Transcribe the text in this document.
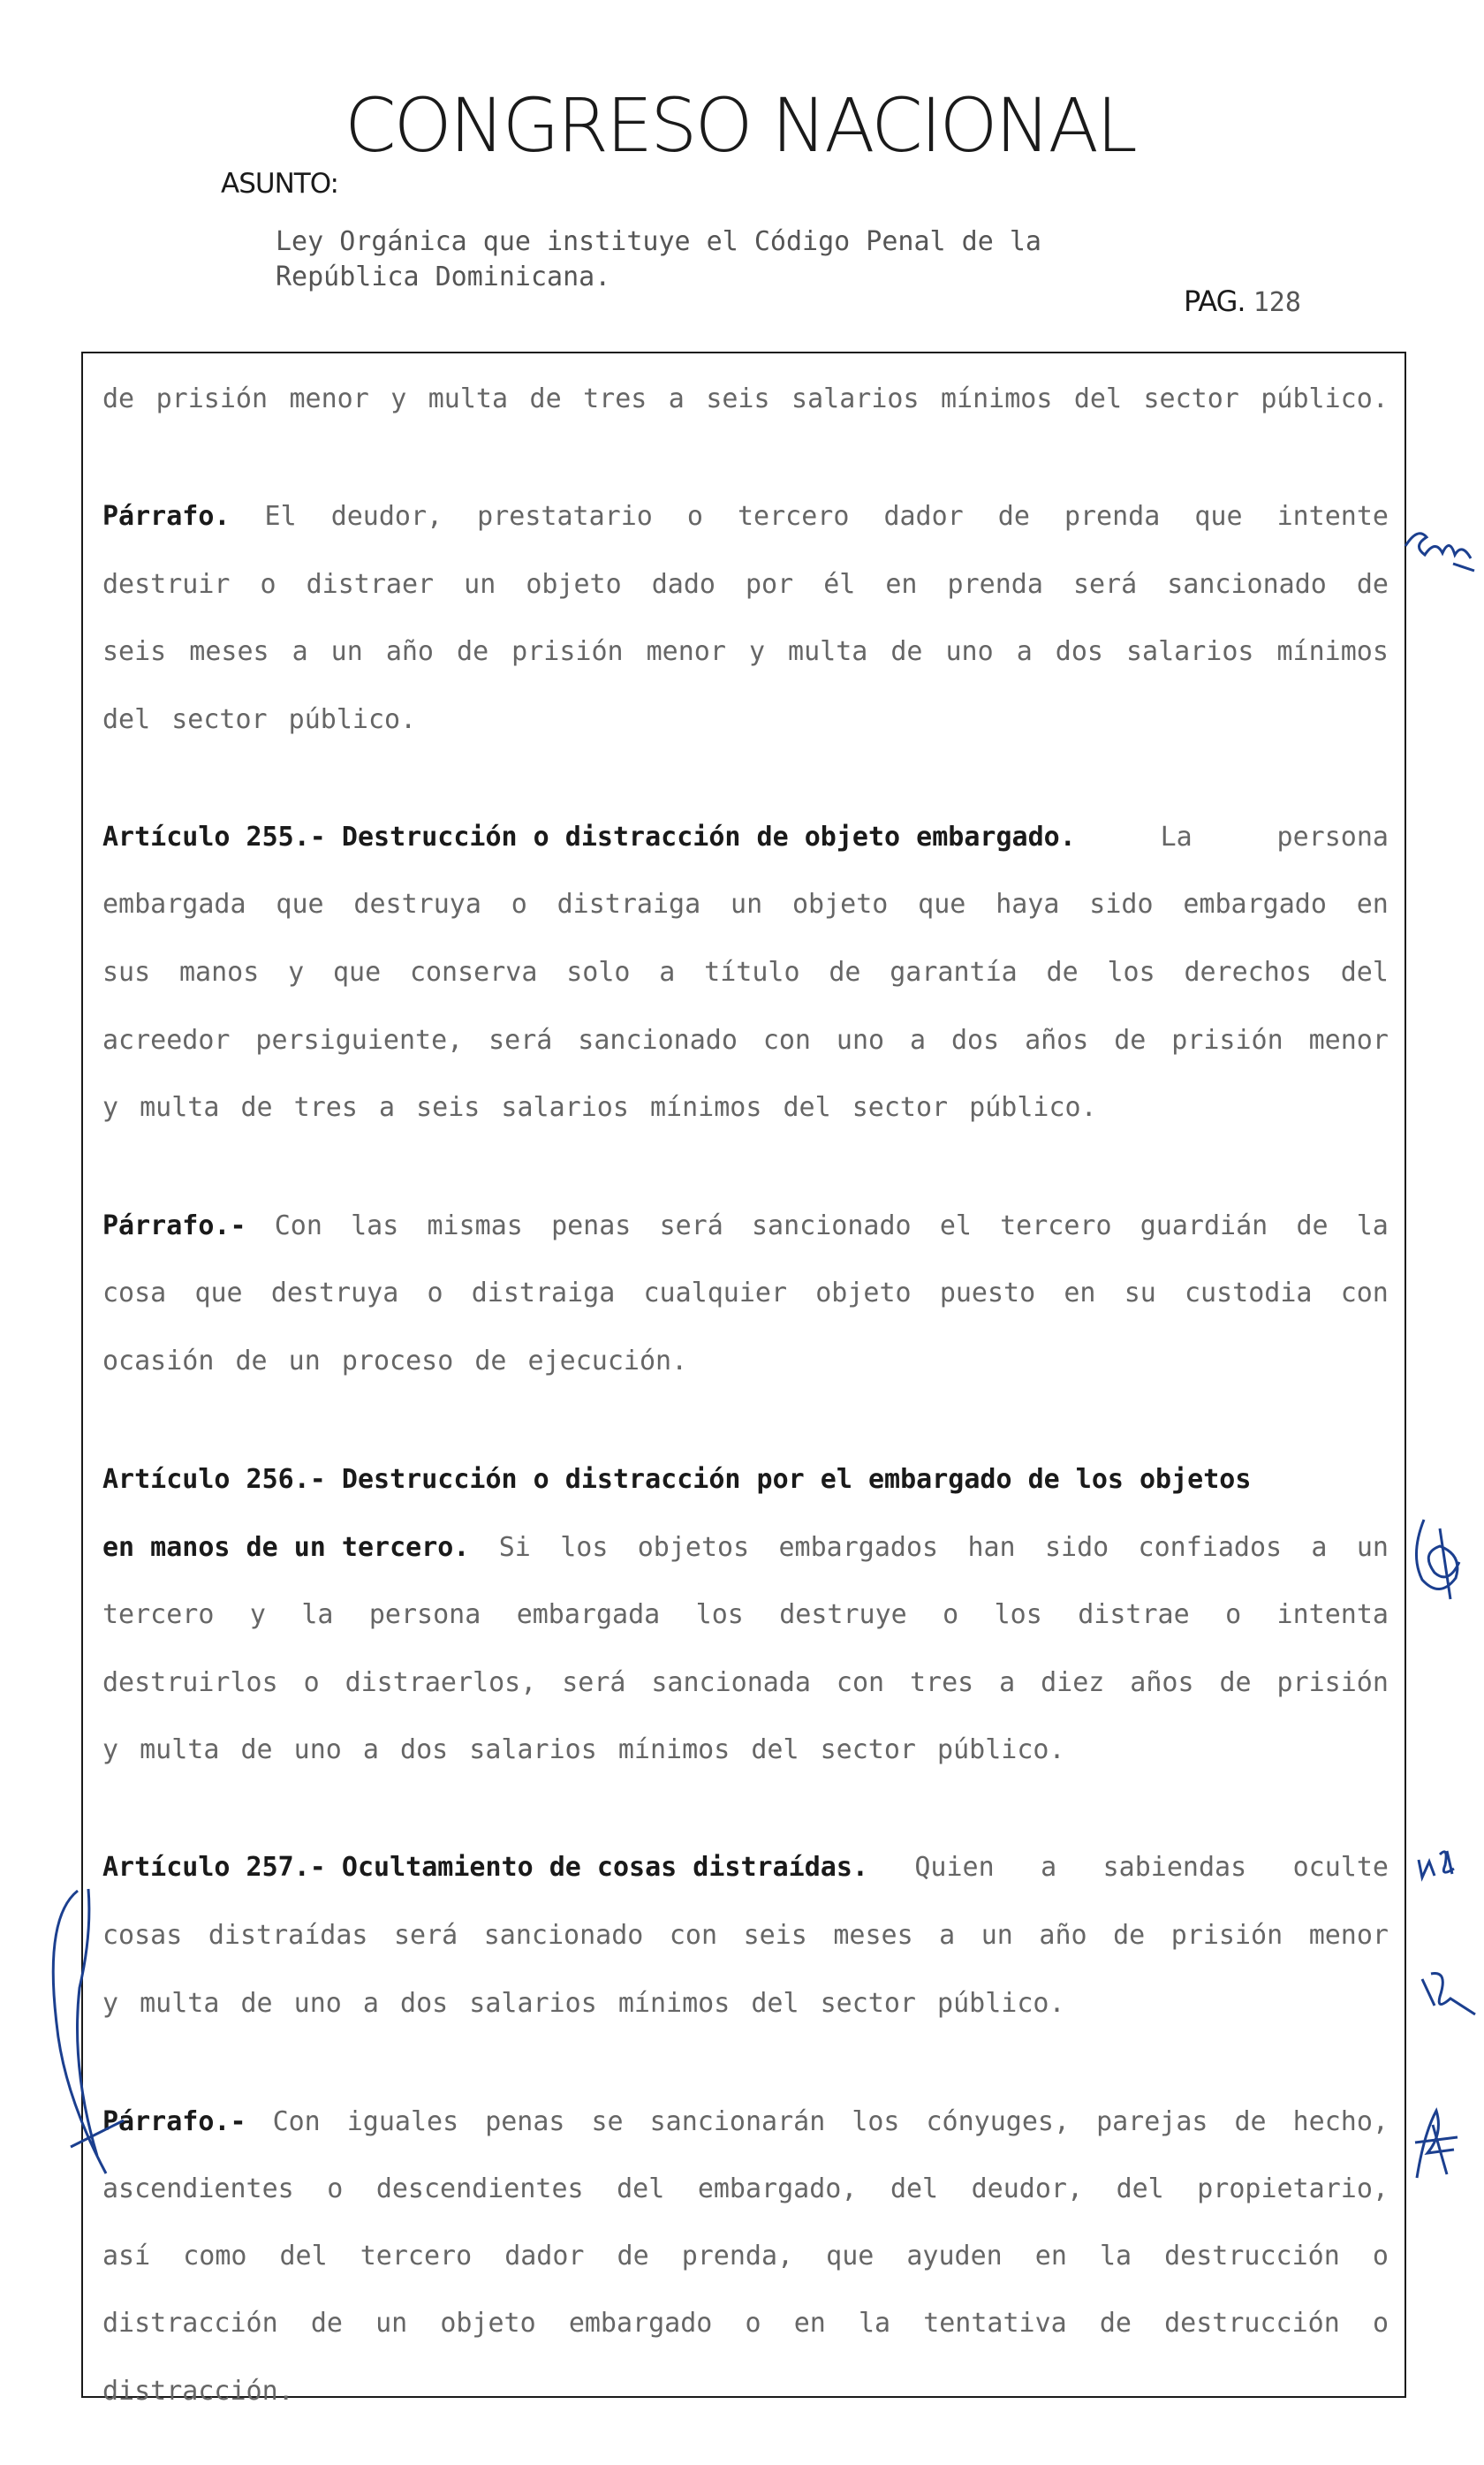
CONGRESO NACIONAL
ASUNTO:
Ley Orgánica que instituye el Código Penal de la
República Dominicana.
PAG. 128
de prisión menor y multa de tres a seis salarios mínimos del sector público.
Párrafo. El deudor, prestatario o tercero dador de prenda que intente
destruir o distraer un objeto dado por él en prenda será sancionado de
seis meses a un año de prisión menor y multa de uno a dos salarios mínimos
del sector público.
Artículo 255.- Destrucción o distracción de objeto embargado.	La	persona
embargada que destruya o distraiga un objeto que haya sido embargado en
sus manos y que conserva solo a título de garantía de los derechos del
acreedor persiguiente, será sancionado con uno a dos años de prisión menor
y multa de tres a seis salarios mínimos del sector público.
Párrafo.- Con las mismas penas será sancionado el tercero guardián de la
cosa que destruya o distraiga cualquier objeto puesto en su custodia con
ocasión de un proceso de ejecución.
Artículo 256.- Destrucción o distracción por el embargado de los objetos
en manos de un tercero. Si los objetos embargados han sido confiados a un
tercero y la persona embargada los destruye o los distrae o intenta
destruirlos o distraerlos, será sancionada con tres a diez años de prisión
y multa de uno a dos salarios mínimos del sector público.
Artículo 257.- Ocultamiento de cosas distraídas. Quien a sabiendas oculte
cosas distraídas será sancionado con seis meses a un año de prisión menor
y multa de uno a dos salarios mínimos del sector público.
Párrafo.- Con iguales penas se sancionarán los cónyuges, parejas de hecho,
ascendientes o descendientes del embargado, del deudor, del propietario,
así como del tercero dador de prenda, que ayuden en la destrucción o
distracción de un objeto embargado o en la tentativa de destrucción o
distracción.
